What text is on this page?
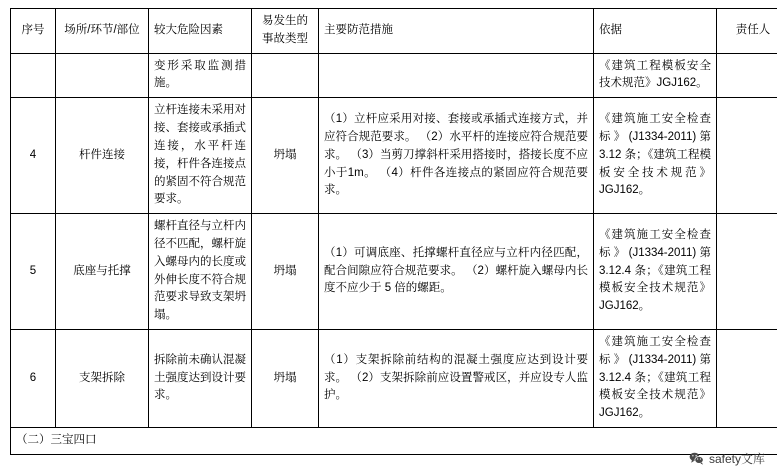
序号	场所/环节/部位	较大危险因素	易发生的事故类型	主要防范措施	依据	责任人
		变形采取监测措施。			《建筑工程模板安全技术规范》JGJ162。	
4	杆件连接	立杆连接未采用对接、套接或承插式连接，水平杆连接，杆件各连接点的紧固不符合规范要求。	坍塌	（1）立杆应采用对接、套接或承插式连接方式，并应符合规范要求。 （2）水平杆的连接应符合规范要求。 （3）当剪刀撑斜杆采用搭接时，搭接长度不应小于1m。 （4）杆件各连接点的紧固应符合规范要求。	《建筑施工安全检查标》(J1334-2011)第 3.12 条；《建筑工程模板安全技术规范》JGJ162。	
5	底座与托撑	螺杆直径与立杆内径不匹配，螺杆旋入螺母内的长度或外伸长度不符合规范要求导致支架坍塌。	坍塌	（1）可调底座、托撑螺杆直径应与立杆内径匹配，配合间隙应符合规范要求。 （2）螺杆旋入螺母内长度不应少于 5 倍的螺距。	《建筑施工安全检查标》(J1334-2011)第 3.12.4 条；《建筑工程模板安全技术规范》JGJ162。	
6	支架拆除	拆除前未确认混凝土强度达到设计要求。	坍塌	（1）支架拆除前结构的混凝土强度应达到设计要求。 （2）支架拆除前应设置警戒区，并应设专人监护。	《建筑施工安全检查标》(J1334-2011)第 3.12.4 条；《建筑工程模板安全技术规范》JGJ162。	
（二）三宝四口						
safety文库
